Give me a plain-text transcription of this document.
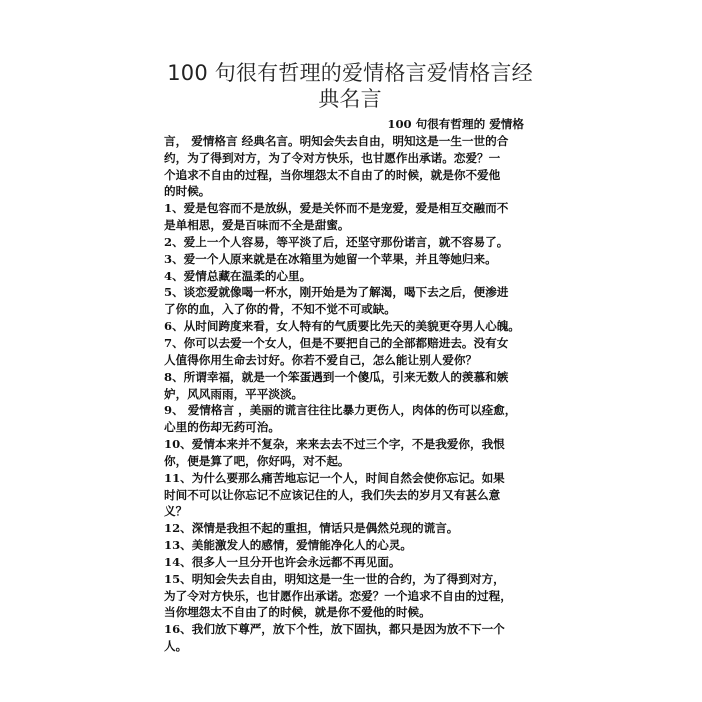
100 句很有哲理的爱情格言爱情格言经
典名言
100 句很有哲理的 爱情格
言， 爱情格言 经典名言。明知会失去自由，明知这是一生一世的合
约，为了得到对方，为了令对方快乐，也甘愿作出承诺。恋爱？一
个追求不自由的过程，当你埋怨太不自由了的时候，就是你不爱他
的时候。
1、爱是包容而不是放纵，爱是关怀而不是宠爱，爱是相互交融而不
是单相思，爱是百味而不全是甜蜜。
2、爱上一个人容易，等平淡了后，还坚守那份诺言，就不容易了。
3、爱一个人原来就是在冰箱里为她留一个苹果，并且等她归来。
4、爱情总藏在温柔的心里。
5、谈恋爱就像喝一杯水，刚开始是为了解渴，喝下去之后，便渗进
了你的血，入了你的骨，不知不觉不可或缺。
6、从时间跨度来看，女人特有的气质要比先天的美貌更夺男人心魄。
7、你可以去爱一个女人，但是不要把自己的全部都赔进去。没有女
人值得你用生命去讨好。你若不爱自己，怎么能让别人爱你？
8、所谓幸福，就是一个笨蛋遇到一个傻瓜，引来无数人的羡慕和嫉
妒，风风雨雨，平平淡淡。
9、 爱情格言 ，美丽的谎言往往比暴力更伤人，肉体的伤可以痊愈，
心里的伤却无药可治。
10、爱情本来并不复杂，来来去去不过三个字，不是我爱你，我恨
你，便是算了吧，你好吗，对不起。
11、为什么要那么痛苦地忘记一个人，时间自然会使你忘记。如果
时间不可以让你忘记不应该记住的人，我们失去的岁月又有甚么意
义？
12、深情是我担不起的重担，情话只是偶然兑现的谎言。
13、美能激发人的感情，爱情能净化人的心灵。
14、很多人一旦分开也许会永远都不再见面。
15、明知会失去自由，明知这是一生一世的合约，为了得到对方，
为了令对方快乐，也甘愿作出承诺。恋爱？一个追求不自由的过程，
当你埋怨太不自由了的时候，就是你不爱他的时候。
16、我们放下尊严，放下个性，放下固执，都只是因为放不下一个
人。
